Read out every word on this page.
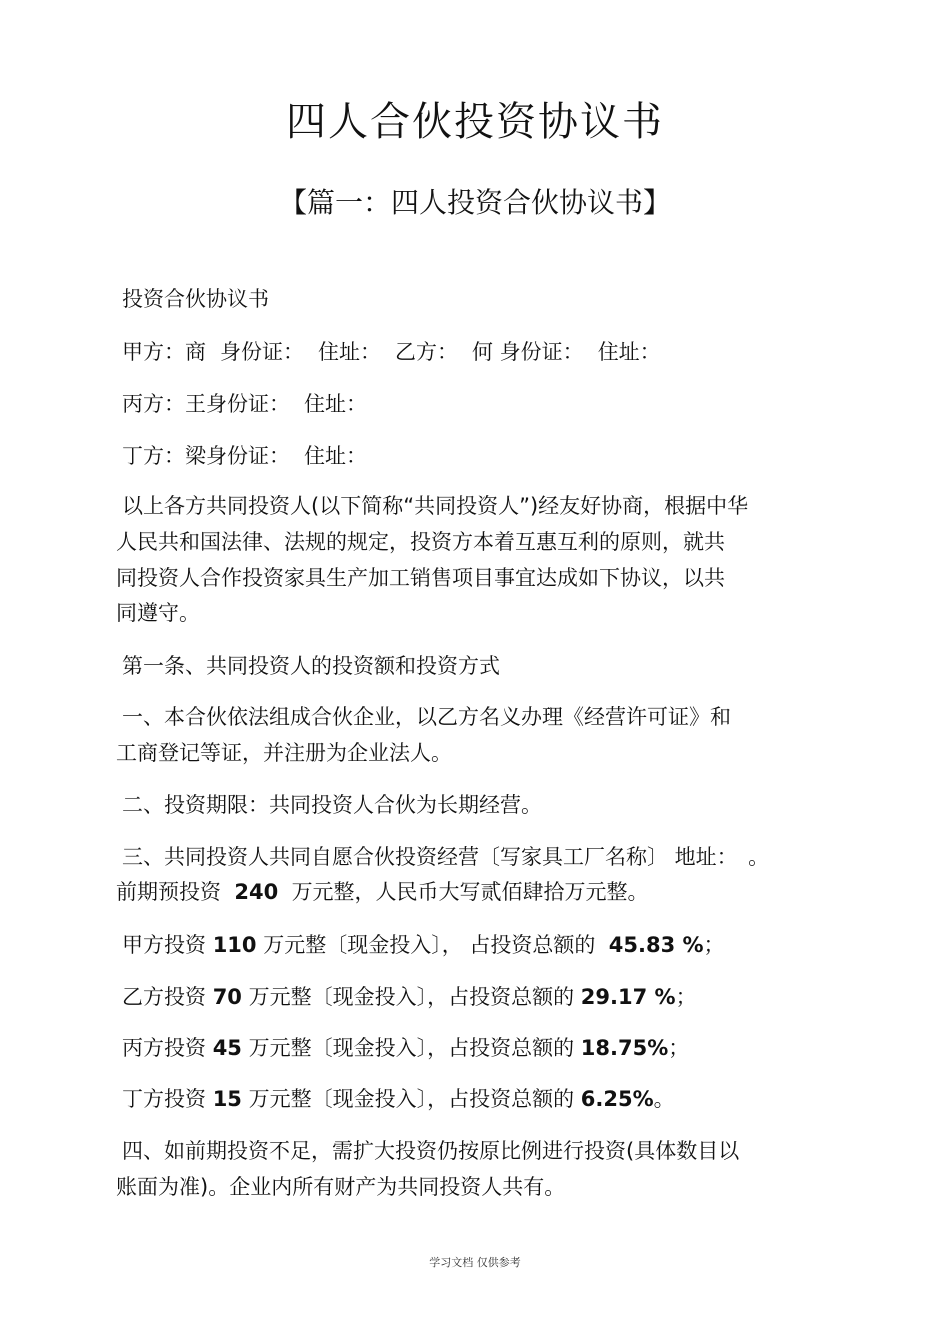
四人合伙投资协议书
【篇一：四人投资合伙协议书】
投资合伙协议书
甲方：商 身份证： 住址： 乙方： 何 身份证： 住址：
丙方：王身份证： 住址：
丁方：梁身份证： 住址：
以上各方共同投资人(以下简称“共同投资人”)经友好协商，根据中华
人民共和国法律、法规的规定，投资方本着互惠互利的原则，就共
同投资人合作投资家具生产加工销售项目事宜达成如下协议，以共
同遵守。
第一条、共同投资人的投资额和投资方式
一、本合伙依法组成合伙企业，以乙方名义办理《经营许可证》和
工商登记等证，并注册为企业法人。
二、投资期限：共同投资人合伙为长期经营。
三、共同投资人共同自愿合伙投资经营〔写家具工厂名称〕 地址：　。
前期预投资 240 万元整，人民币大写贰佰肆拾万元整。
甲方投资 110 万元整〔现金投入〕， 占投资总额的 45.83 %；
乙方投资 70 万元整〔现金投入〕，占投资总额的 29.17 %；
丙方投资 45 万元整〔现金投入〕，占投资总额的 18.75%；
丁方投资 15 万元整〔现金投入〕，占投资总额的 6.25%。
四、如前期投资不足，需扩大投资仍按原比例进行投资(具体数目以
账面为准)。企业内所有财产为共同投资人共有。
学习文档 仅供参考
